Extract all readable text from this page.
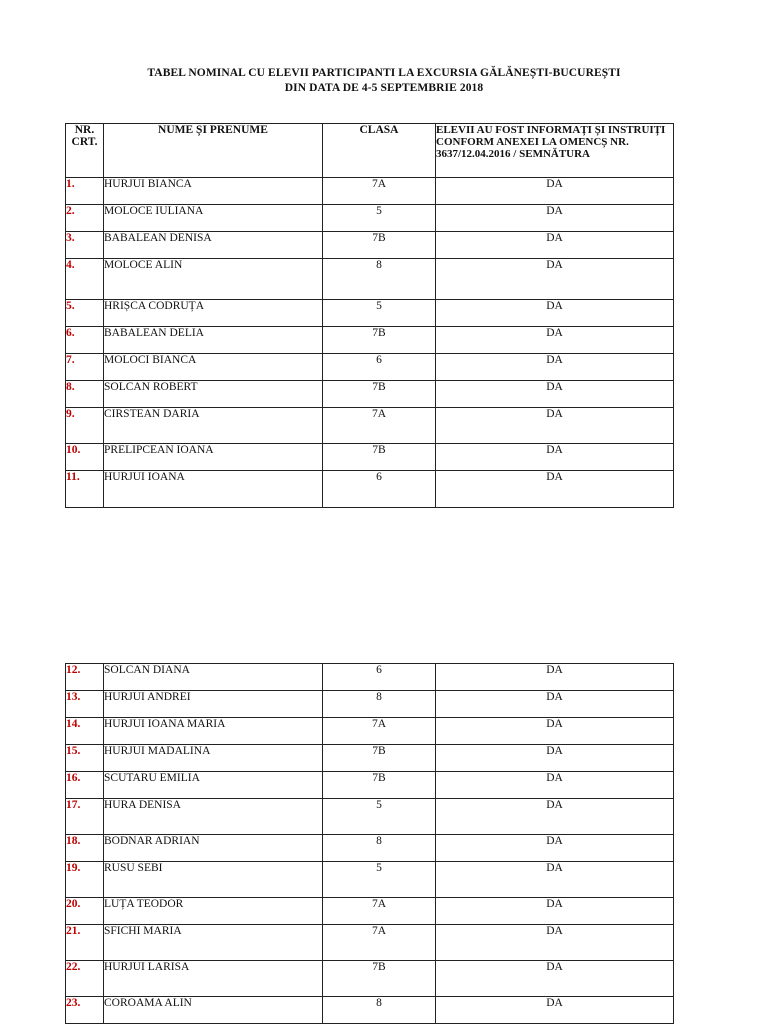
TABEL NOMINAL CU ELEVII PARTICIPANTI LA EXCURSIA GĂLĂNEȘTI-BUCUREȘTI
DIN DATA DE 4-5 SEPTEMBRIE 2018
NR.
CRT.	NUME ȘI PRENUME	CLASA	ELEVII AU FOST INFORMAȚI ȘI INSTRUIȚI CONFORM ANEXEI LA OMENCȘ NR. 3637/12.04.2016 / SEMNĂTURA
1.	HURJUI BIANCA	7A	DA
2.	MOLOCE IULIANA	5	DA
3.	BABALEAN DENISA	7B	DA
4.	MOLOCE ALIN	8	DA
5.	HRIȘCA CODRUȚA	5	DA
6.	BABALEAN DELIA	7B	DA
7.	MOLOCI BIANCA	6	DA
8.	SOLCAN ROBERT	7B	DA
9.	CIRSTEAN DARIA	7A	DA
10.	PRELIPCEAN IOANA	7B	DA
11.	HURJUI IOANA	6	DA
12.	SOLCAN DIANA	6	DA
13.	HURJUI ANDREI	8	DA
14.	HURJUI IOANA MARIA	7A	DA
15.	HURJUI MADALINA	7B	DA
16.	SCUTARU EMILIA	7B	DA
17.	HURA DENISA	5	DA
18.	BODNAR ADRIAN	8	DA
19.	RUSU SEBI	5	DA
20.	LUȚA TEODOR	7A	DA
21.	SFICHI MARIA	7A	DA
22.	HURJUI LARISA	7B	DA
23.	COROAMA ALIN	8	DA
